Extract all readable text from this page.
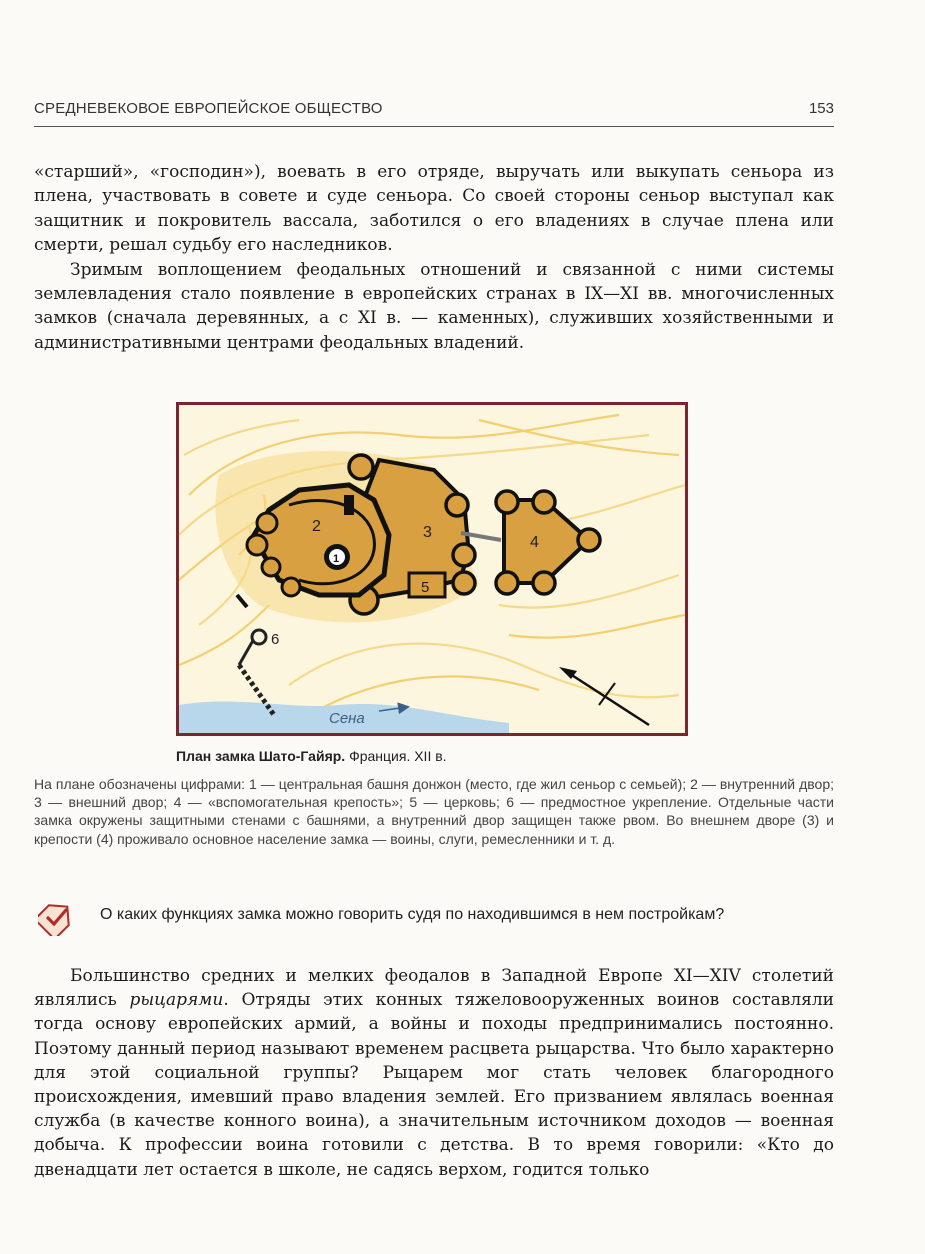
СРЕДНЕВЕКОВОЕ ЕВРОПЕЙСКОЕ ОБЩЕСТВО	153

«старший», «господин»), воевать в его отряде, выручать или выкупать сеньора из плена, участвовать в совете и суде сеньора. Со своей стороны сеньор выступал как защитник и покровитель вассала, заботился о его владениях в случае плена или смерти, решал судьбу его наследников.

Зримым воплощением феодальных отношений и связанной с ними системы землевладения стало появление в европейских странах в IX—XI вв. многочисленных замков (сначала деревянных, а с XI в. — каменных), служивших хозяйственными и административными центрами феодальных владений.

Сена
6
5
3
2
1
4
План замка Шато-Гайяр. Франция. XII в.
На плане обозначены цифрами: 1 — центральная башня донжон (место, где жил сеньор с семьей); 2 — внутренний двор; 3 — внешний двор; 4 — «вспомогательная крепость»; 5 — церковь; 6 — предмостное укрепление. Отдельные части замка окружены защитными стенами с башнями, а внутренний двор защищен также рвом. Во внешнем дворе (3) и крепости (4) проживало основное население замка — воины, слуги, ремесленники и т. д.
О каких функциях замка можно говорить судя по находившимся в нем постройкам?

Большинство средних и мелких феодалов в Западной Европе XI—XIV столетий являлись рыцарями. Отряды этих конных тяжеловооруженных воинов составляли тогда основу европейских армий, а войны и походы предпринимались постоянно. Поэтому данный период называют временем расцвета рыцарства. Что было характерно для этой социальной группы? Рыцарем мог стать человек благородного происхождения, имевший право владения землей. Его призванием являлась военная служба (в качестве конного воина), а значительным источником доходов — военная добыча. К профессии воина готовили с детства. В то время говорили: «Кто до двенадцати лет остается в школе, не садясь верхом, годится только
